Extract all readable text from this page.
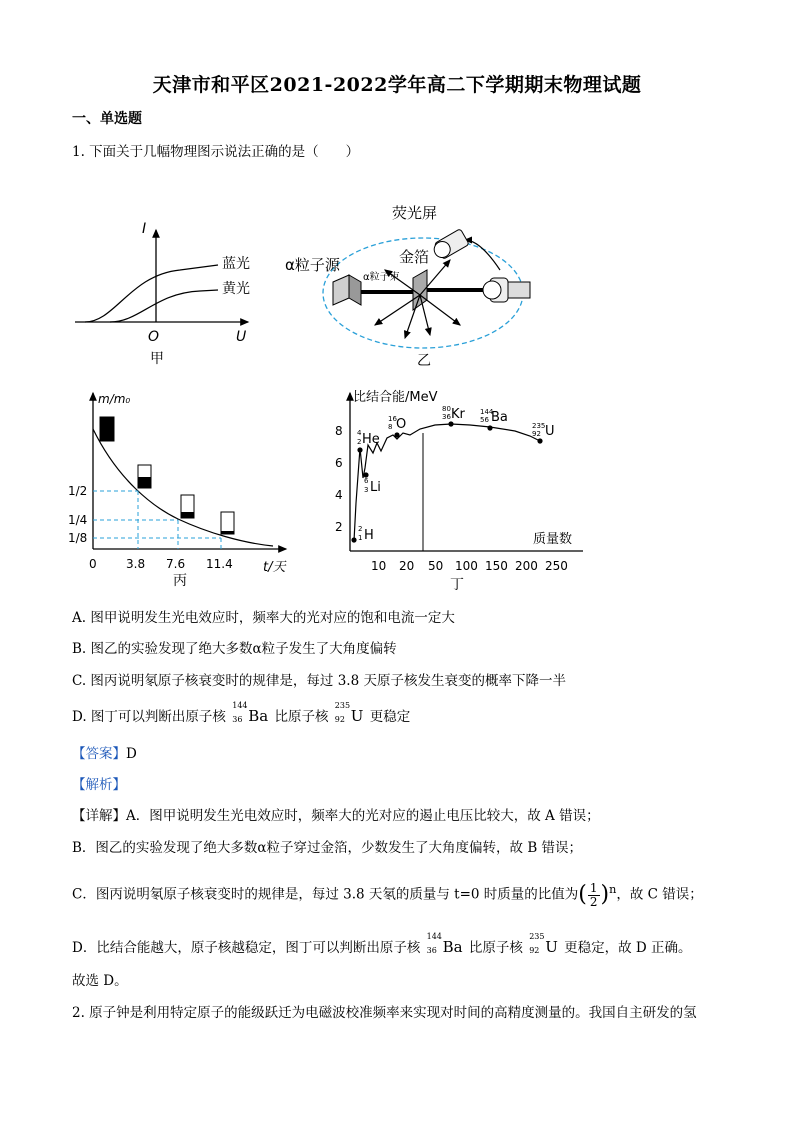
天津市和平区2021-2022学年高二下学期期末物理试题
一、单选题
1. 下面关于几幅物理图示说法正确的是（　　）
I
U
O
蓝光
黄光
甲
荧光屏
金箔
α粒子源
α粒子束
乙
m/m₀
t/天
1/2
1/4
1/8
0 3.8 7.6 11.4
丙
比结合能/MeV
质量数
8
6
4
2
10 20 50 100 150 200 250
4
2
6
3
2
1
16
8
80
36
144
56
235
92
He
Li
H
O
Kr Ba
U
丁
A. 图甲说明发生光电效应时，频率大的光对应的饱和电流一定大
B. 图乙的实验发现了绝大多数α粒子发生了大角度偏转
C. 图丙说明氡原子核衰变时的规律是，每过 3.8 天原子核发生衰变的概率下降一半
D. 图丁可以判断出原子核
144
36 Ba 比原子核
235
92 U 更稳定
【答案】D
【解析】
【详解】A．图甲说明发生光电效应时，频率大的光对应的遏止电压比较大，故 A 错误；
B．图乙的实验发现了绝大多数α粒子穿过金箔，少数发生了大角度偏转，故 B 错误；
C．图丙说明氡原子核衰变时的规律是，每过 3.8 天氡的质量与 t=0 时质量的比值为( $\frac{1}{2} )^n$，故 C 错误；
D．比结合能越大，原子核越稳定，图丁可以判断出原子核
144
36 Ba 比原子核
235
92 U 更稳定，故 D 正确。
故选 D。
2. 原子钟是利用特定原子的能级跃迁为电磁波校准频率来实现对时间的高精度测量的。我国自主研发的氢
